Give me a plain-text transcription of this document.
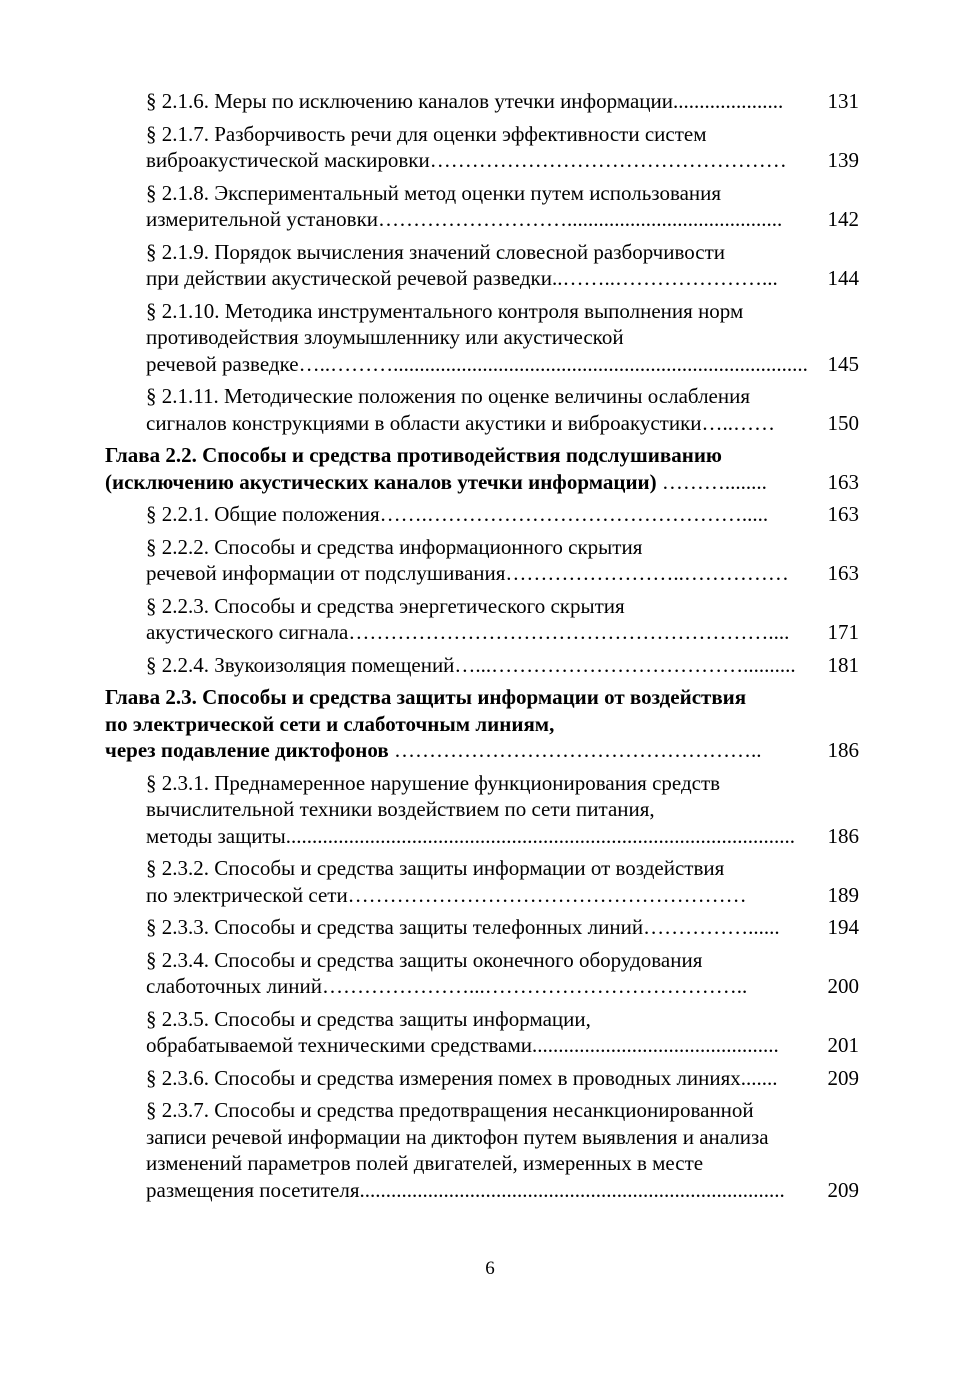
§ 2.1.6. Меры по исключению каналов утечки информации.....................	131
§ 2.1.7. Разборчивость речи для оценки эффективности систем
виброакустической маскировки……………………………………………	139
§ 2.1.8. Экспериментальный метод оценки путем использования
измерительной установки……………………….........................................	142
§ 2.1.9. Порядок вычисления значений словесной разборчивости
при действии акустической речевой разведки..……..…………………...	144
§ 2.1.10. Методика инструментального контроля выполнения норм
противодействия злоумышленнику или акустической
речевой разведке…..………............................................................................... 145
§ 2.1.11. Методические положения по оценке величины ослабления
сигналов конструкциями в области акустики и виброакустики…..……	150
Глава 2.2. Способы и средства противодействия подслушиванию
(исключению акустических каналов утечки информации) ………........	163
§ 2.2.1. Общие положения…….……………………………………….....	163
§ 2.2.2. Способы и средства информационного скрытия
речевой информации от подслушивания……………………..……………	163
§ 2.2.3. Способы и средства энергетического скрытия
акустического сигнала……………………………………………………....	171
§ 2.2.4. Звукоизоляция помещений…...………………………………..........	181
Глава 2.3. Способы и средства защиты информации от воздействия
по электрической сети и слаботочным линиям,
через подавление диктофонов ……………………………………………..	186
§ 2.3.1. Преднамеренное нарушение функционирования средств
вычислительной техники воздействием по сети питания,
методы защиты.................................................................................................	186
§ 2.3.2. Способы и средства защиты информации от воздействия
по электрической сети…………………………………………………	189
§ 2.3.3. Способы и средства защиты телефонных линий……………......	194
§ 2.3.4. Способы и средства защиты оконечного оборудования
слаботочных линий…………………...………………………………..	200
§ 2.3.5. Способы и средства защиты информации,
обрабатываемой техническими средствами...............................................	201
§ 2.3.6. Способы и средства измерения помех в проводных линиях.......	209
§ 2.3.7. Способы и средства предотвращения несанкционированной
записи речевой информации на диктофон путем выявления и анализа
изменений параметров полей двигателей, измеренных в месте
размещения посетителя.................................................................................	209
6
